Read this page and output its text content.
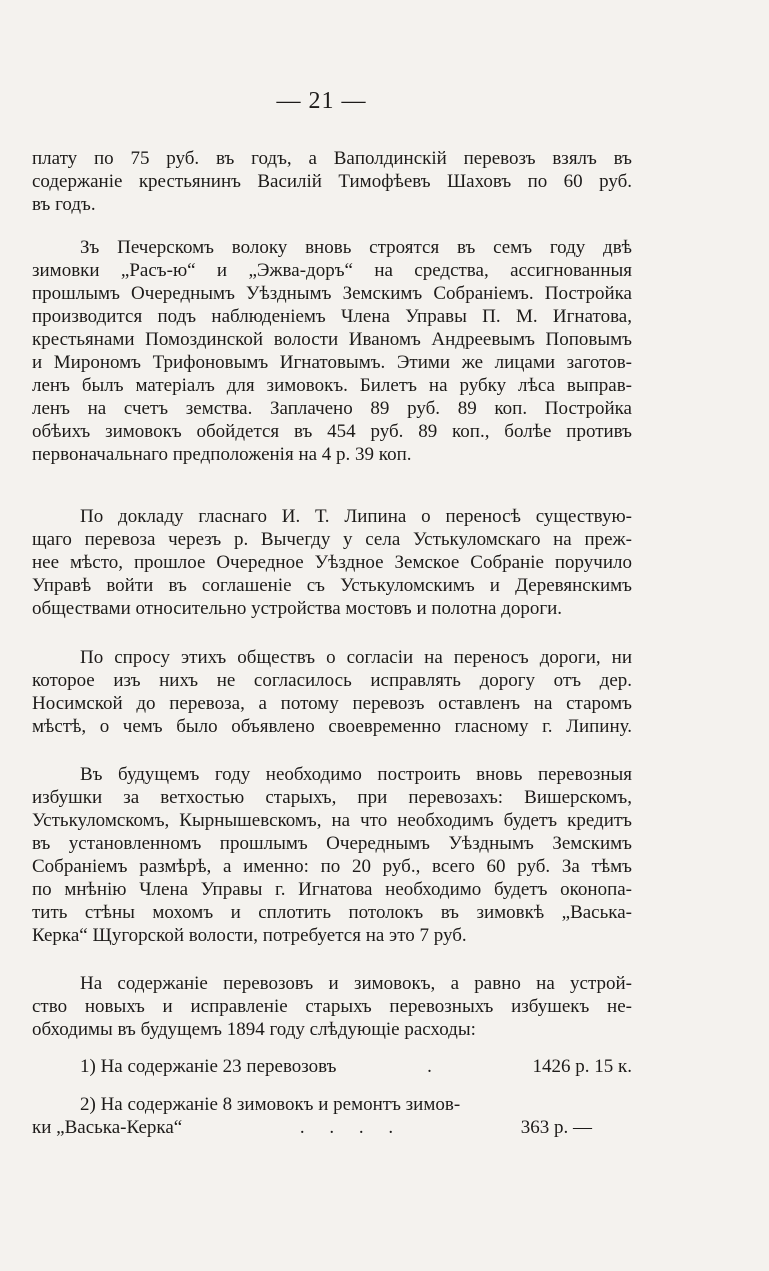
— 21 —
плату по 75 руб. въ годъ, а Вaполдинскій перевозъ взялъ въ
содержаніе крестьянинъ Василій Тимофѣевъ Шаховъ по 60 руб.
въ годъ.
Зъ Печерскомъ волоку вновь строятся въ семъ году двѣ
зимовки „Расъ-ю“ и „Эжва-доръ“ на средства, ассигнованныя
прошлымъ Очереднымъ Уѣзднымъ Земскимъ Собраніемъ. Постройка
производится подъ наблюденіемъ Члена Управы П. М. Игнатова,
крестьянами Помоздинской волости Иваномъ Андреевымъ Поповымъ
и Мирономъ Трифоновымъ Игнатовымъ. Этими же лицами заготов-
ленъ былъ матеріалъ для зимовокъ. Билетъ на рубку лѣса выправ-
ленъ на счетъ земства. Заплачено 89 руб. 89 коп. Постройка
обѣихъ зимовокъ обойдется въ 454 руб. 89 коп., болѣе противъ
первоначальнаго предположенія на 4 р. 39 коп.
По докладу гласнаго И. Т. Липина о переносѣ существую-
щаго перевоза черезъ р. Вычегду у села Устькуломскаго на преж-
нее мѣсто, прошлое Очередное Уѣздное Земское Собраніе поручило
Управѣ войти въ соглашеніе съ Устькуломскимъ и Деревянскимъ
обществами относительно устройства мостовъ и полотна дороги.
По спросу этихъ обществъ о согласіи на переносъ дороги, ни
которое изъ нихъ не согласилось исправлять дорогу отъ дер.
Носимской до перевоза, а потому перевозъ оставленъ на старомъ
мѣстѣ, о чемъ было объявлено своевременно гласному г. Липину.
Въ будущемъ году необходимо построить вновь перевозныя
избушки за ветхостью старыхъ, при перевозахъ: Вишерскомъ,
Устькуломскомъ, Кырнышевскомъ, на что необходимъ будетъ кредитъ
въ установленномъ прошлымъ Очереднымъ Уѣзднымъ Земскимъ
Собраніемъ размѣрѣ, а именно: по 20 руб., всего 60 руб. За тѣмъ
по мнѣнію Члена Управы г. Игнатова необходимо будетъ оконопа-
тить стѣны мохомъ и сплотить потолокъ въ зимовкѣ „Васька-
Керка“ Щугорской волости, потребуется на это 7 руб.
На содержаніе перевозовъ и зимовокъ, а равно на устрой-
ство новыхъ и исправленіе старыхъ перевозныхъ избушекъ не-
обходимы въ будущемъ 1894 году слѣдующіе расходы:
1) На содержаніе 23 перевозовъ	.	1426 р. 15 к.
2) На содержаніе 8 зимовокъ и ремонтъ зимов-
ки „Васька-Керка“	. . . .	363 р. —
